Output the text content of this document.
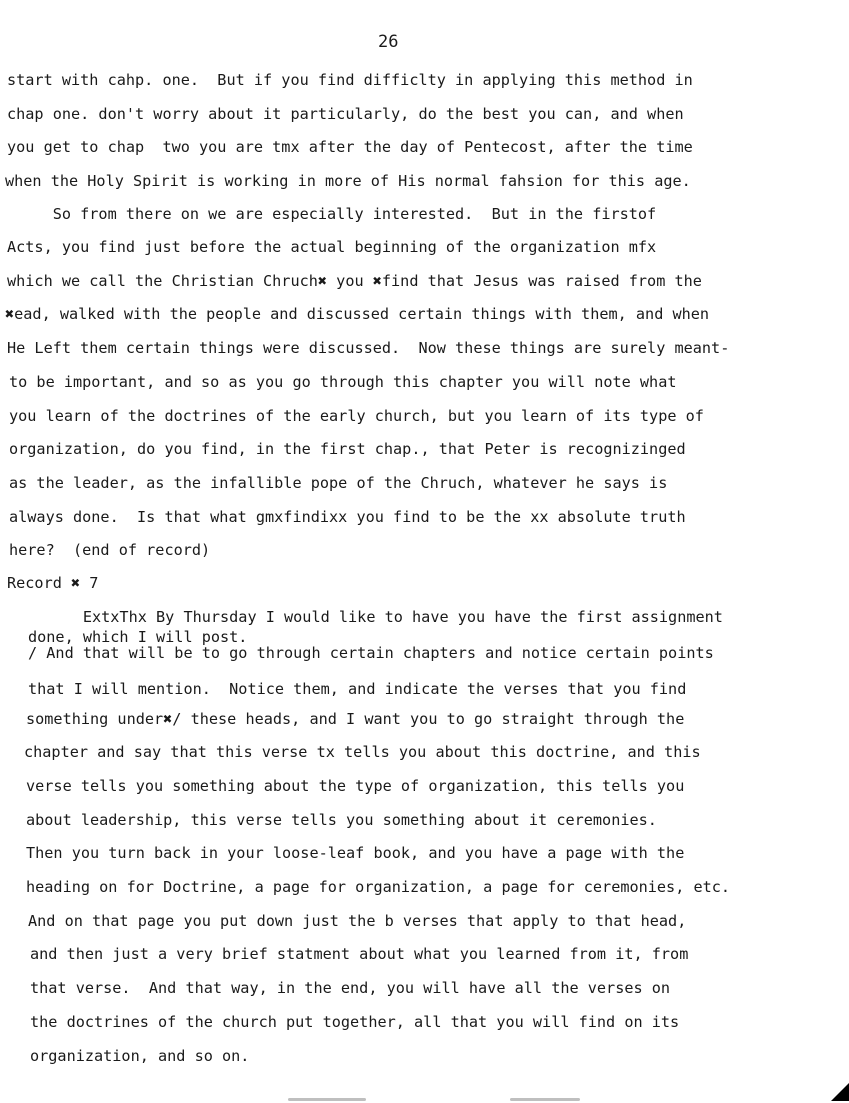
26
start with cahp. one.  But if you find difficlty in applying this method in
chap one. don't worry about it particularly, do the best you can, and when
you get to chap  two you are tmx after the day of Pentecost, after the time
when the Holy Spirit is working in more of His normal fahsion for this age.
So from there on we are especially interested.  But in the firstof
Acts, you find just before the actual beginning of the organization mfx
which we call the Christian Chruch✖ you ✖find that Jesus was raised from the
✖ead, walked with the people and discussed certain things with them, and when
He Left them certain things were discussed.  Now these things are surely meant-
to be important, and so as you go through this chapter you will note what
you learn of the doctrines of the early church, but you learn of its type of
organization, do you find, in the first chap., that Peter is recognizinged
as the leader, as the infallible pope of the Chruch, whatever he says is
always done.  Is that what gmxfindixx you find to be the xx absolute truth
here?  (end of record)
Record ✖ 7
ExtxThx By Thursday I would like to have you have the first assignment
done, which I will post.
/ And that will be to go through certain chapters and notice certain points
that I will mention.  Notice them, and indicate the verses that you find
something under✖/ these heads, and I want you to go straight through the
chapter and say that this verse tx tells you about this doctrine, and this
verse tells you something about the type of organization, this tells you
about leadership, this verse tells you something about it ceremonies.
Then you turn back in your loose-leaf book, and you have a page with the
heading on for Doctrine, a page for organization, a page for ceremonies, etc.
And on that page you put down just the b verses that apply to that head,
and then just a very brief statment about what you learned from it, from
that verse.  And that way, in the end, you will have all the verses on
the doctrines of the church put together, all that you will find on its
organization, and so on.
